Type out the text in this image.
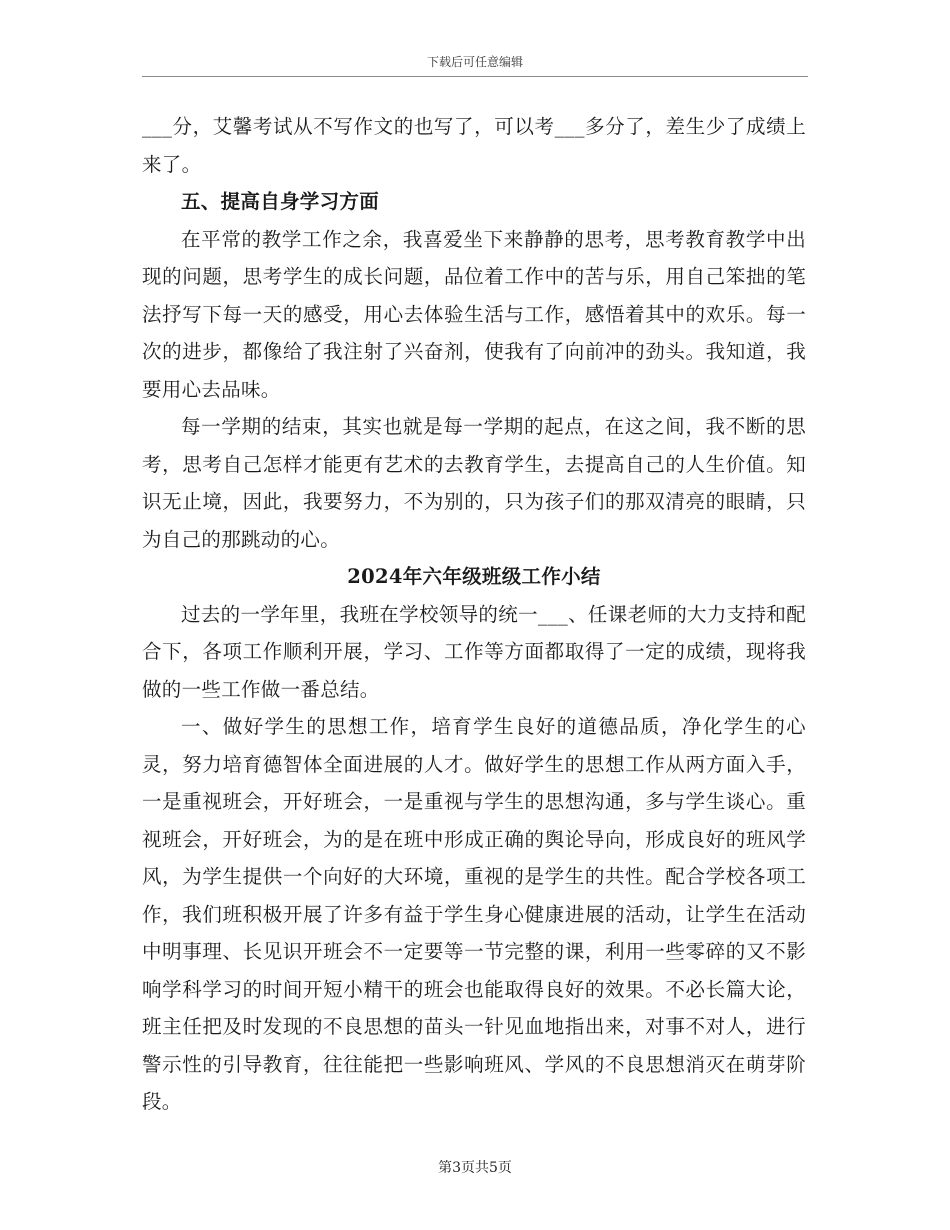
下载后可任意编辑

___分，艾馨考试从不写作文的也写了，可以考___多分了，差生少了成绩上来了。

五、提高自身学习方面

在平常的教学工作之余，我喜爱坐下来静静的思考，思考教育教学中出现的问题，思考学生的成长问题，品位着工作中的苦与乐，用自己笨拙的笔法抒写下每一天的感受，用心去体验生活与工作，感悟着其中的欢乐。每一次的进步，都像给了我注射了兴奋剂，使我有了向前冲的劲头。我知道，我要用心去品味。

每一学期的结束，其实也就是每一学期的起点，在这之间，我不断的思考，思考自己怎样才能更有艺术的去教育学生，去提高自己的人生价值。知识无止境，因此，我要努力，不为别的，只为孩子们的那双清亮的眼睛，只为自己的那跳动的心。

2024年六年级班级工作小结

过去的一学年里，我班在学校领导的统一___、任课老师的大力支持和配合下，各项工作顺利开展，学习、工作等方面都取得了一定的成绩，现将我做的一些工作做一番总结。

一、做好学生的思想工作，培育学生良好的道德品质，净化学生的心灵，努力培育德智体全面进展的人才。做好学生的思想工作从两方面入手，一是重视班会，开好班会，一是重视与学生的思想沟通，多与学生谈心。重视班会，开好班会，为的是在班中形成正确的舆论导向，形成良好的班风学风，为学生提供一个向好的大环境，重视的是学生的共性。配合学校各项工作，我们班积极开展了许多有益于学生身心健康进展的活动，让学生在活动中明事理、长见识开班会不一定要等一节完整的课，利用一些零碎的又不影响学科学习的时间开短小精干的班会也能取得良好的效果。不必长篇大论，班主任把及时发现的不良思想的苗头一针见血地指出来，对事不对人，进行警示性的引导教育，往往能把一些影响班风、学风的不良思想消灭在萌芽阶段。

第3页共5页
